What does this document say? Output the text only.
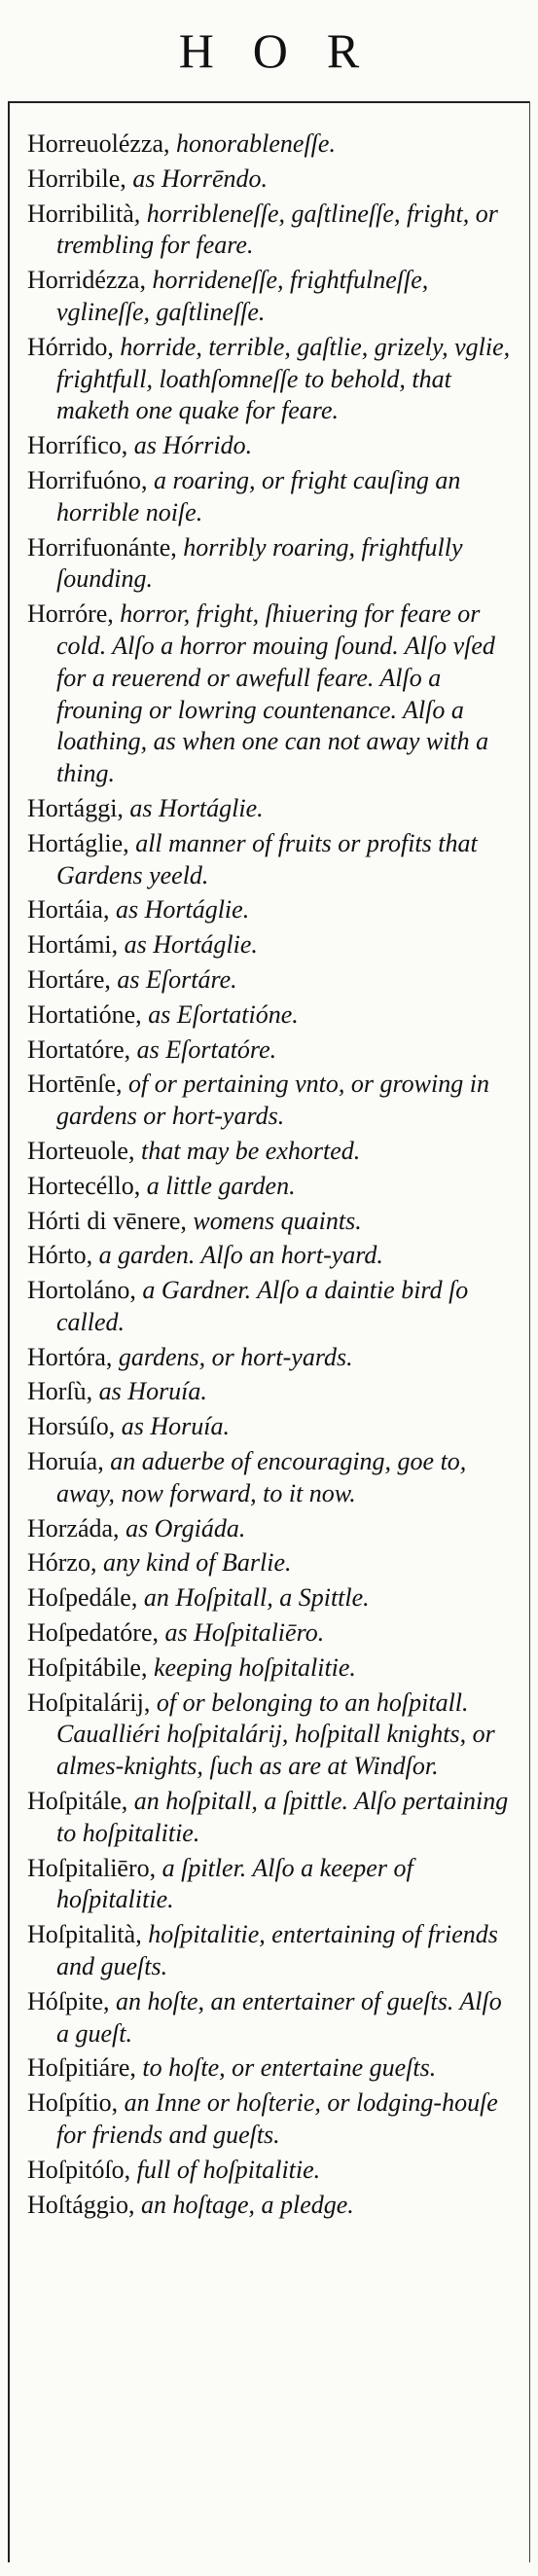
HOR
Horreuolézza, honorableneſſe.
Horribile, as Horrēndo.
Horribilità, horribleneſſe, gaſtlineſſe, fright, or trembling for feare.
Horridézza, horrideneſſe, frightfulneſſe, vglineſſe, gaſtlineſſe.
Hórrido, horride, terrible, gaſtlie, grizely, vglie, frightfull, loathſomneſſe to behold, that maketh one quake for feare.
Horrífico, as Hórrido.
Horrifuóno, a roaring, or fright cauſing an horrible noiſe.
Horrifuonánte, horribly roaring, frightfully ſounding.
Horróre, horror, fright, ſhiuering for feare or cold. Alſo a horror mouing ſound. Alſo vſed for a reuerend or awefull feare. Alſo a frouning or lowring countenance. Alſo a loathing, as when one can not away with a thing.
Hortággi, as Hortáglie.
Hortáglie, all manner of fruits or profits that Gardens yeeld.
Hortáia, as Hortáglie.
Hortámi, as Hortáglie.
Hortáre, as Eſortáre.
Hortatióne, as Eſortatióne.
Hortatóre, as Eſortatóre.
Hortēnſe, of or pertaining vnto, or growing in gardens or hort-yards.
Horteuole, that may be exhorted.
Hortecéllo, a little garden.
Hórti di vēnere, womens quaints.
Hórto, a garden. Alſo an hort-yard.
Hortoláno, a Gardner. Alſo a daintie bird ſo called.
Hortóra, gardens, or hort-yards.
Horſù, as Horuía.
Horsúſo, as Horuía.
Horuía, an aduerbe of encouraging, goe to, away, now forward, to it now.
Horzáda, as Orgiáda.
Hórzo, any kind of Barlie.
Hoſpedále, an Hoſpitall, a Spittle.
Hoſpedatóre, as Hoſpitaliēro.
Hoſpitábile, keeping hoſpitalitie.
Hoſpitalárij, of or belonging to an hoſpitall. Caualliéri hoſpitalárij, hoſpitall knights, or almes-knights, ſuch as are at Windſor.
Hoſpitále, an hoſpitall, a ſpittle. Alſo pertaining to hoſpitalitie.
Hoſpitaliēro, a ſpitler. Alſo a keeper of hoſpitalitie.
Hoſpitalità, hoſpitalitie, entertaining of friends and gueſts.
Hóſpite, an hoſte, an entertainer of gueſts. Alſo a gueſt.
Hoſpitiáre, to hoſte, or entertaine gueſts.
Hoſpítio, an Inne or hoſterie, or lodging-houſe for friends and gueſts.
Hoſpitóſo, full of hoſpitalitie.
Hoſtággio, an hoſtage, a pledge.
